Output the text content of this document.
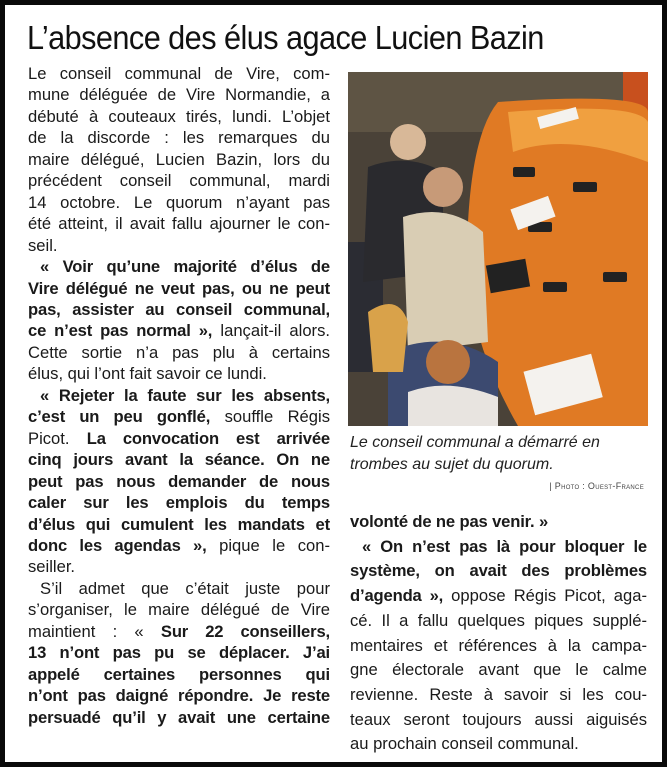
L’absence des élus agace Lucien Bazin
Le conseil communal de Vire, com-
mune déléguée de Vire Normandie, a
débuté à couteaux tirés, lundi. L’objet
de la discorde : les remarques du
maire délégué, Lucien Bazin, lors du
précédent conseil communal, mardi
14 octobre. Le quorum n’ayant pas
été atteint, il avait fallu ajourner le con-
seil.
« Voir qu’une majorité d’élus de
Vire délégué ne veut pas, ou ne peut
pas, assister au conseil communal,
ce n’est pas normal », lançait-il alors.
Cette sortie n’a pas plu à certains
élus, qui l’ont fait savoir ce lundi.
« Rejeter la faute sur les absents,
c’est un peu gonflé, souffle Régis
Picot. La convocation est arrivée
cinq jours avant la séance. On ne
peut pas nous demander de nous
caler sur les emplois du temps
d’élus qui cumulent les mandats et
donc les agendas », pique le con-
seiller.
S’il admet que c’était juste pour
s’organiser, le maire délégué de Vire
maintient : « Sur 22 conseillers,
13 n’ont pas pu se déplacer. J’ai
appelé certaines personnes qui
n’ont pas daigné répondre. Je reste
persuadé qu’il y avait une certaine
Le conseil communal a démarré en trombes au sujet du quorum.
| Photo : Ouest-France
volonté de ne pas venir. »
« On n’est pas là pour bloquer le
système, on avait des problèmes
d’agenda », oppose Régis Picot, aga-
cé. Il a fallu quelques piques supplé-
mentaires et références à la campa-
gne électorale avant que le calme
revienne. Reste à savoir si les cou-
teaux seront toujours aussi aiguisés
au prochain conseil communal.
